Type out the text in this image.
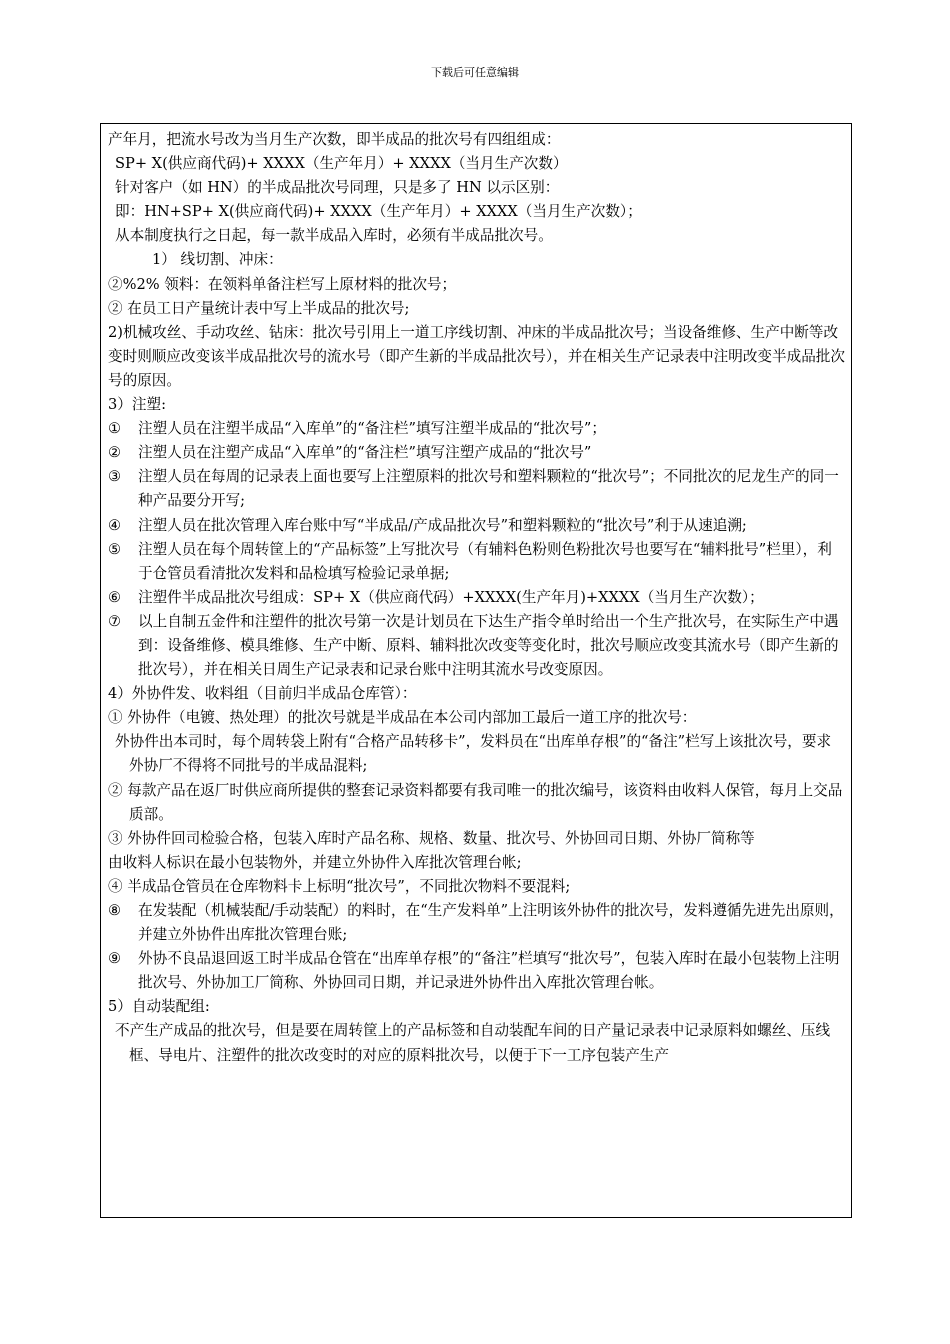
下载后可任意编辑

产年月，把流水号改为当月生产次数，即半成品的批次号有四组组成：

SP+ X(供应商代码)+ XXXX（生产年月）+ XXXX（当月生产次数）

针对客户（如 HN）的半成品批次号同理，只是多了 HN 以示区别：

即：HN+SP+ X(供应商代码)+ XXXX（生产年月）+ XXXX（当月生产次数）；

从本制度执行之日起，每一款半成品入库时，必须有半成品批次号。

1） 线切割、冲床：

②%2% 领料：在领料单备注栏写上原材料的批次号；

② 在员工日产量统计表中写上半成品的批次号;

2)机械攻丝、手动攻丝、钻床：批次号引用上一道工序线切割、冲床的半成品批次号；当设备维修、生产中断等改变时则顺应改变该半成品批次号的流水号（即产生新的半成品批次号），并在相关生产记录表中注明改变半成品批次号的原因。

3）注塑:

①	注塑人员在注塑半成品“入库单”的“备注栏”填写注塑半成品的“批次号”；
②	注塑人员在注塑产成品“入库单”的“备注栏”填写注塑产成品的“批次号”
③	注塑人员在每周的记录表上面也要写上注塑原料的批次号和塑料颗粒的“批次号”；不同批次的尼龙生产的同一种产品要分开写;
④	注塑人员在批次管理入库台账中写“半成品/产成品批次号”和塑料颗粒的“批次号”利于从速追溯;
⑤	注塑人员在每个周转筐上的“产品标签”上写批次号（有辅料色粉则色粉批次号也要写在“辅料批号”栏里），利于仓管员看清批次发料和品检填写检验记录单据;
⑥	注塑件半成品批次号组成：SP+ X（供应商代码）+XXXX(生产年月)+XXXX（当月生产次数）；
⑦	以上自制五金件和注塑件的批次号第一次是计划员在下达生产指令单时给出一个生产批次号，在实际生产中遇到：设备维修、模具维修、生产中断、原料、辅料批次改变等变化时，批次号顺应改变其流水号（即产生新的批次号），并在相关日周生产记录表和记录台账中注明其流水号改变原因。

4）外协件发、收料组（目前归半成品仓库管）：

① 外协件（电镀、热处理）的批次号就是半成品在本公司内部加工最后一道工序的批次号：

外协件出本司时，每个周转袋上附有“合格产品转移卡”，发料员在“出库单存根”的“备注”栏写上该批次号，要求外协厂不得将不同批号的半成品混料;

② 每款产品在返厂时供应商所提供的整套记录资料都要有我司唯一的批次编号，该资料由收料人保管，每月上交品质部。

③ 外协件回司检验合格，包装入库时产品名称、规格、数量、批次号、外协回司日期、外协厂简称等

由收料人标识在最小包装物外，并建立外协件入库批次管理台帐;

④ 半成品仓管员在仓库物料卡上标明“批次号”，不同批次物料不要混料;

⑧	在发装配（机械装配/手动装配）的料时，在“生产发料单”上注明该外协件的批次号，发料遵循先进先出原则，并建立外协件出库批次管理台账;
⑨	外协不良品退回返工时半成品仓管在“出库单存根”的“备注”栏填写“批次号”，包装入库时在最小包装物上注明批次号、外协加工厂简称、外协回司日期，并记录进外协件出入库批次管理台帐。

5）自动装配组:

不产生产成品的批次号，但是要在周转筐上的产品标签和自动装配车间的日产量记录表中记录原料如螺丝、压线框、导电片、注塑件的批次改变时的对应的原料批次号，以便于下一工序包装产生产
